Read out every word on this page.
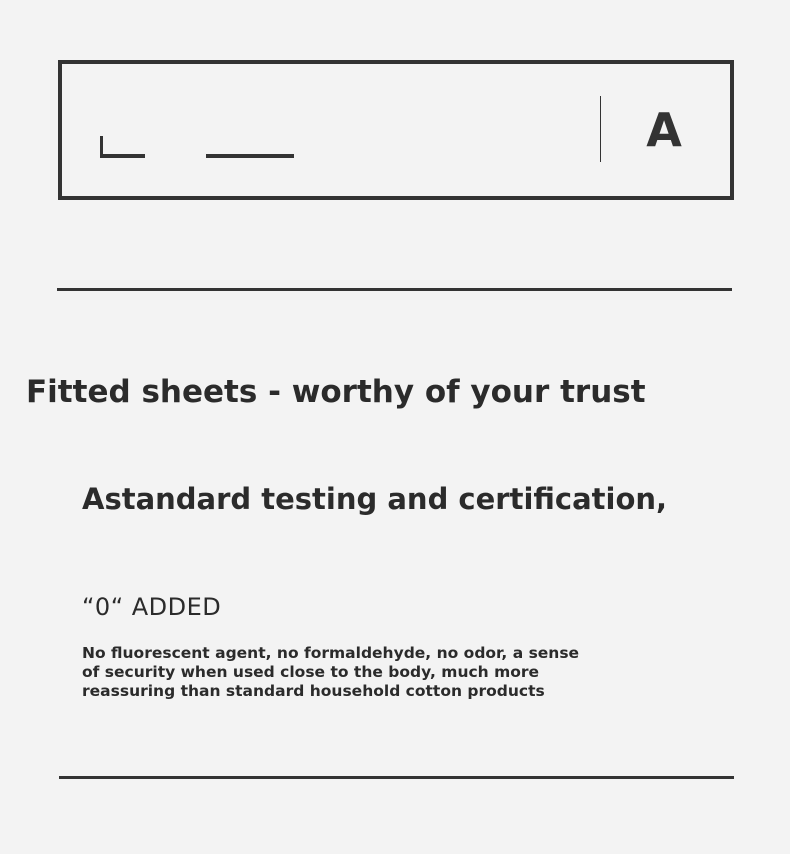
A
Fitted sheets - worthy of your trust
Astandard testing and certification,
“0“ ADDED
No fluorescent agent, no formaldehyde, no odor, a sense
of security when used close to the body, much more
reassuring than standard household cotton products
